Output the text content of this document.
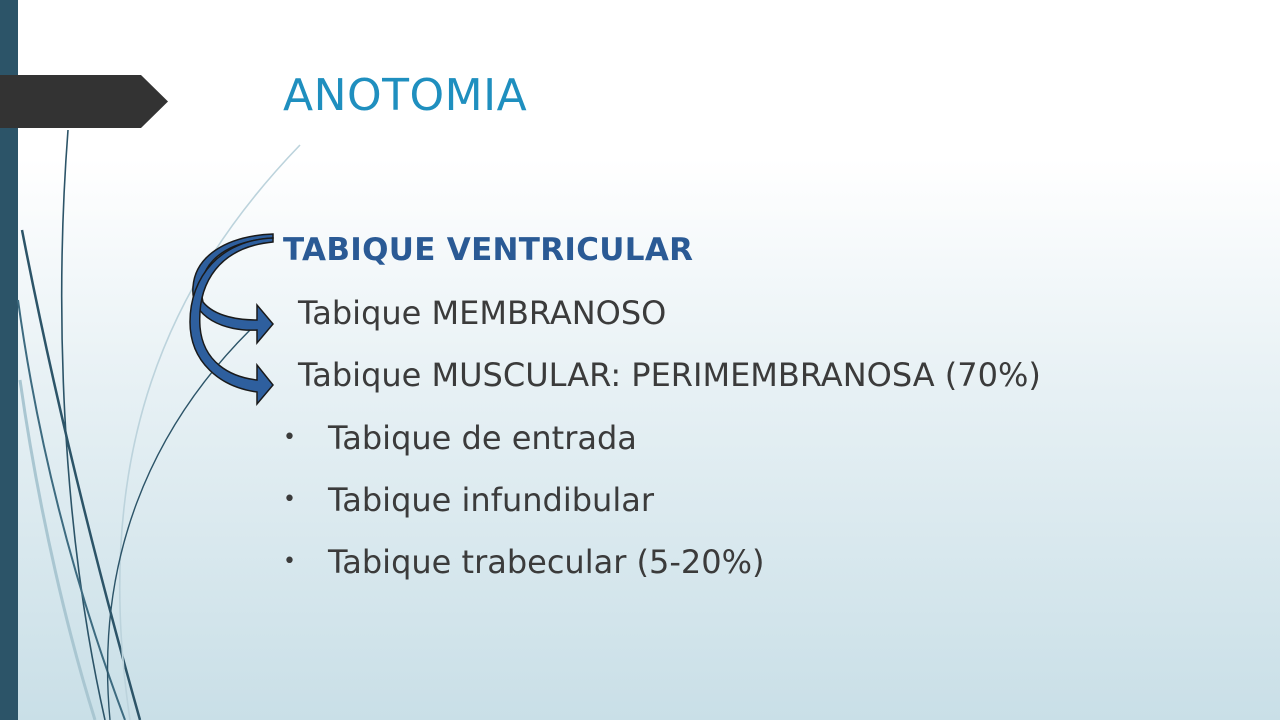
ANOTOMIA
TABIQUE VENTRICULAR

Tabique MEMBRANOSO

Tabique MUSCULAR: PERIMEMBRANOSA (70%)

• Tabique de entrada
• Tabique infundibular
• Tabique trabecular (5-20%)
